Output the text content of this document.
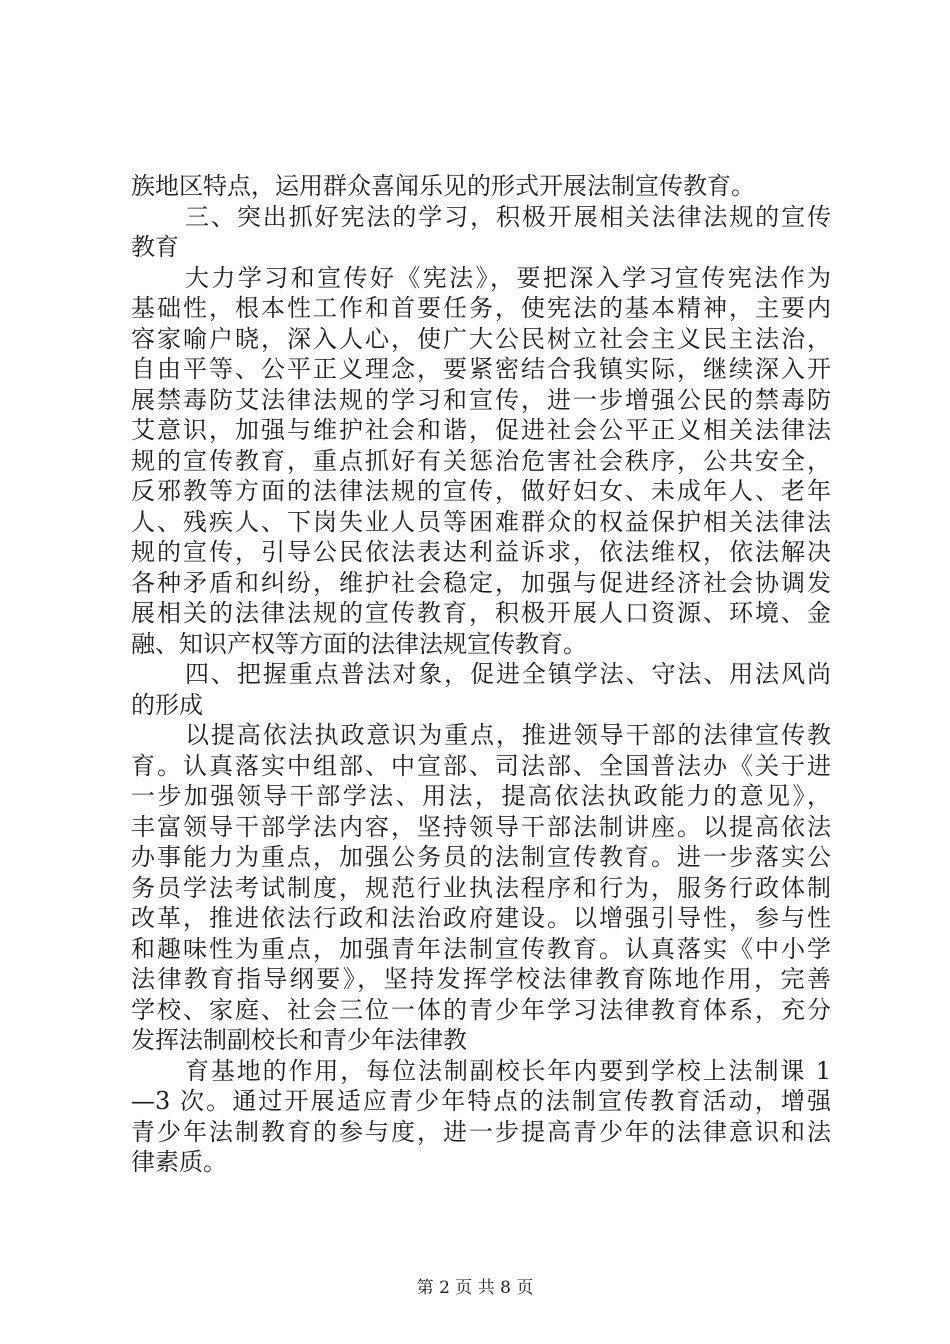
族地区特点，运用群众喜闻乐见的形式开展法制宣传教育。
三、突出抓好宪法的学习，积极开展相关法律法规的宣传
教育
大力学习和宣传好《宪法》，要把深入学习宣传宪法作为
基础性，根本性工作和首要任务，使宪法的基本精神，主要内
容家喻户晓，深入人心，使广大公民树立社会主义民主法治，
自由平等、公平正义理念，要紧密结合我镇实际，继续深入开
展禁毒防艾法律法规的学习和宣传，进一步增强公民的禁毒防
艾意识，加强与维护社会和谐，促进社会公平正义相关法律法
规的宣传教育，重点抓好有关惩治危害社会秩序，公共安全，
反邪教等方面的法律法规的宣传，做好妇女、未成年人、老年
人、残疾人、下岗失业人员等困难群众的权益保护相关法律法
规的宣传，引导公民依法表达利益诉求，依法维权，依法解决
各种矛盾和纠纷，维护社会稳定，加强与促进经济社会协调发
展相关的法律法规的宣传教育，积极开展人口资源、环境、金
融、知识产权等方面的法律法规宣传教育。
四、把握重点普法对象，促进全镇学法、守法、用法风尚
的形成
以提高依法执政意识为重点，推进领导干部的法律宣传教
育。认真落实中组部、中宣部、司法部、全国普法办《关于进
一步加强领导干部学法、用法，提高依法执政能力的意见》，
丰富领导干部学法内容，坚持领导干部法制讲座。以提高依法
办事能力为重点，加强公务员的法制宣传教育。进一步落实公
务员学法考试制度，规范行业执法程序和行为，服务行政体制
改革，推进依法行政和法治政府建设。以增强引导性，参与性
和趣味性为重点，加强青年法制宣传教育。认真落实《中小学
法律教育指导纲要》，坚持发挥学校法律教育陈地作用，完善
学校、家庭、社会三位一体的青少年学习法律教育体系，充分
发挥法制副校长和青少年法律教
育基地的作用，每位法制副校长年内要到学校上法制课 1
—3 次。通过开展适应青少年特点的法制宣传教育活动，增强
青少年法制教育的参与度，进一步提高青少年的法律意识和法
律素质。
第 2 页 共 8 页
